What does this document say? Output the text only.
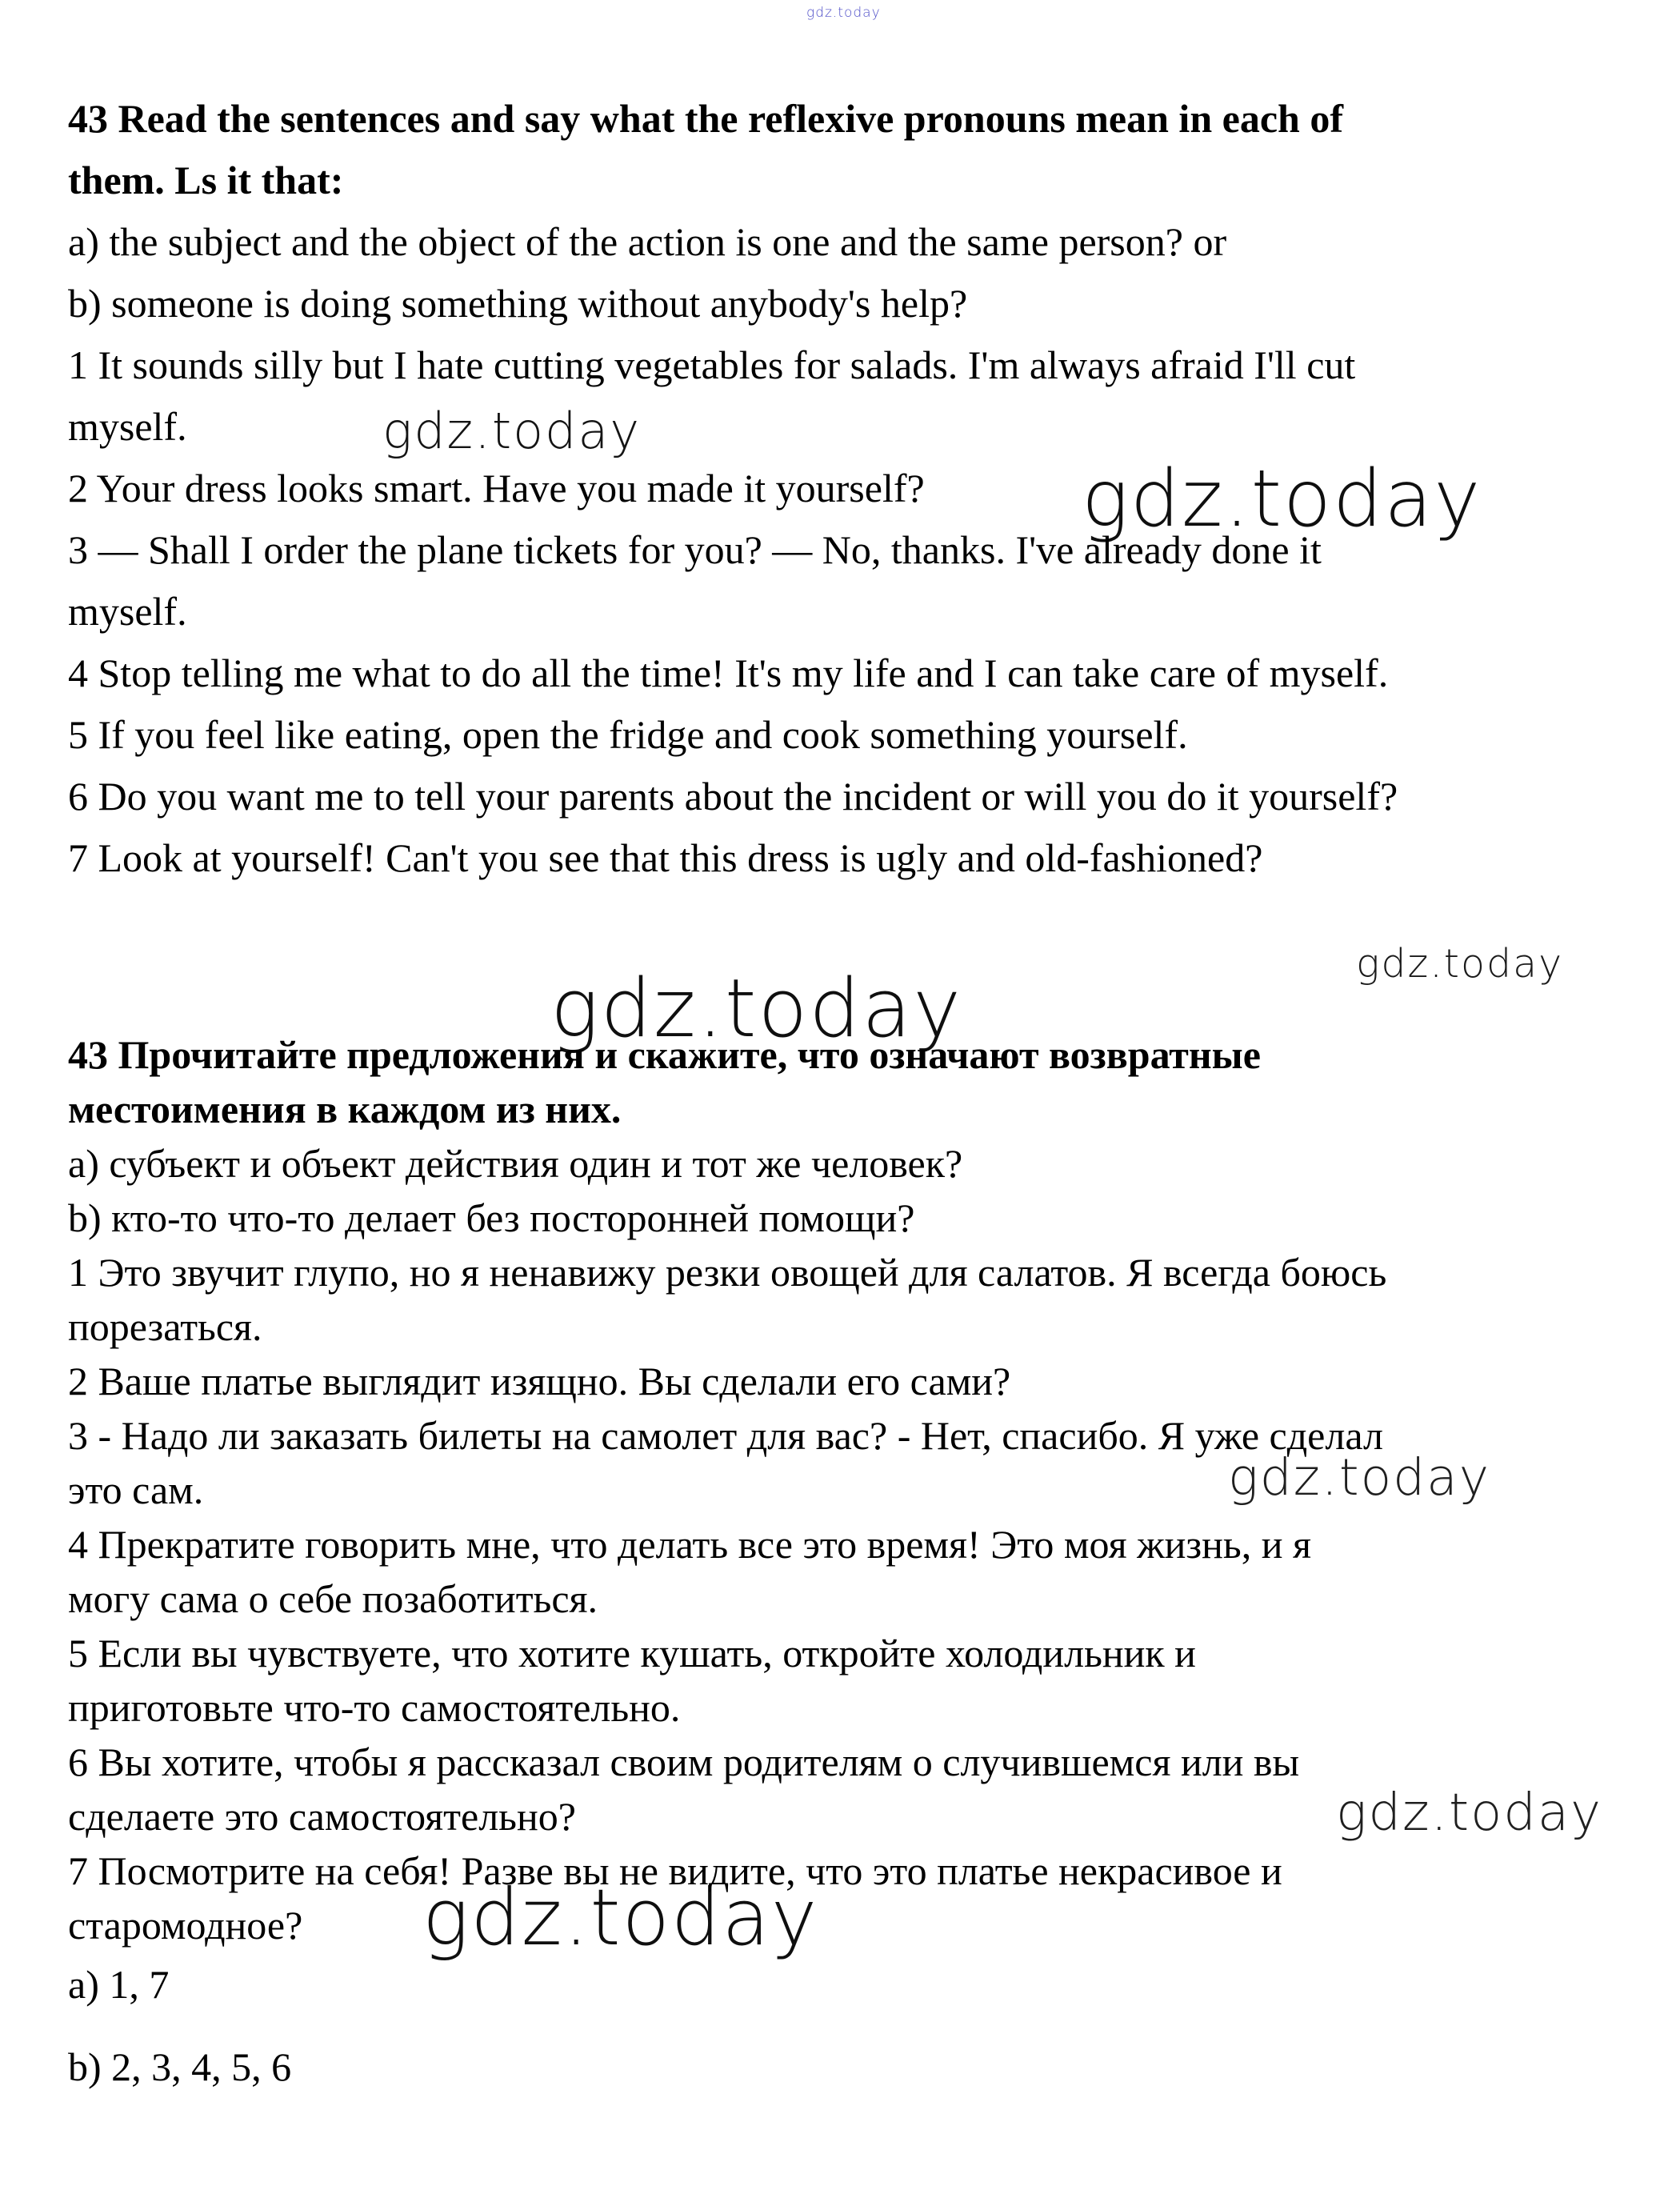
gdz.today
gdz.today
gdz.today
gdz.today
gdz.today
gdz.today
gdz.today
gdz.today
43 Read the sentences and say what the reflexive pronouns mean in each of
them. Ls it that:
a) the subject and the object of the action is one and the same person? or
b) someone is doing something without anybody's help?
1 It sounds silly but I hate cutting vegetables for salads. I'm always afraid I'll cut
myself.
2 Your dress looks smart. Have you made it yourself?
3 — Shall I order the plane tickets for you? — No, thanks. I've already done it
myself.
4 Stop telling me what to do all the time! It's my life and I can take care of myself.
5 If you feel like eating, open the fridge and cook something yourself.
6 Do you want me to tell your parents about the incident or will you do it yourself?
7 Look at yourself! Can't you see that this dress is ugly and old-fashioned?
43 Прочитайте предложения и скажите, что означают возвратные
местоимения в каждом из них.
a) субъект и объект действия один и тот же человек?
b) кто-то что-то делает без посторонней помощи?
1 Это звучит глупо, но я ненавижу резки овощей для салатов. Я всегда боюсь
порезаться.
2 Ваше платье выглядит изящно. Вы сделали его сами?
3 - Надо ли заказать билеты на самолет для вас? - Нет, спасибо. Я уже сделал
это сам.
4 Прекратите говорить мне, что делать все это время! Это моя жизнь, и я
могу сама о себе позаботиться.
5 Если вы чувствуете, что хотите кушать, откройте холодильник и
приготовьте что-то самостоятельно.
6 Вы хотите, чтобы я рассказал своим родителям о случившемся или вы
сделаете это самостоятельно?
7 Посмотрите на себя! Разве вы не видите, что это платье некрасивое и
старомодное?
a) 1, 7
b) 2, 3, 4, 5, 6
